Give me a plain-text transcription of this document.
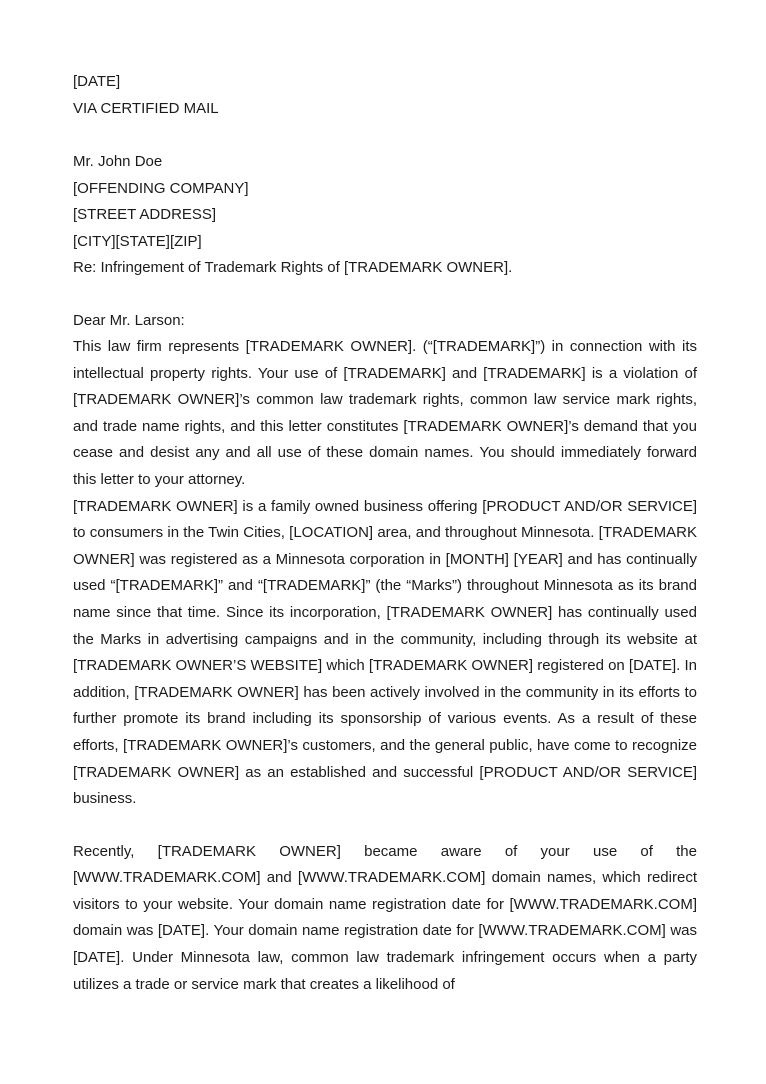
[DATE]
VIA CERTIFIED MAIL
Mr. John Doe
[OFFENDING COMPANY]
[STREET ADDRESS]
[CITY][STATE][ZIP]
Re: Infringement of Trademark Rights of [TRADEMARK OWNER].
Dear Mr. Larson:

This law firm represents [TRADEMARK OWNER]. (“[TRADEMARK]”) in connection with its intellectual property rights. Your use of [TRADEMARK] and [TRADEMARK] is a violation of [TRADEMARK OWNER]’s common law trademark rights, common law service mark rights, and trade name rights, and this letter constitutes [TRADEMARK OWNER]’s demand that you cease and desist any and all use of these domain names. You should immediately forward this letter to your attorney.

[TRADEMARK OWNER] is a family owned business offering [PRODUCT AND/OR SERVICE] to consumers in the Twin Cities, [LOCATION] area, and throughout Minnesota. [TRADEMARK OWNER] was registered as a Minnesota corporation in [MONTH] [YEAR] and has continually used “[TRADEMARK]” and “[TRADEMARK]” (the “Marks”) throughout Minnesota as its brand name since that time. Since its incorporation, [TRADEMARK OWNER] has continually used the Marks in advertising campaigns and in the community, including through its website at [TRADEMARK OWNER’S WEBSITE] which [TRADEMARK OWNER] registered on [DATE]. In addition, [TRADEMARK OWNER] has been actively involved in the community in its efforts to further promote its brand including its sponsorship of various events. As a result of these efforts, [TRADEMARK OWNER]’s customers, and the general public, have come to recognize [TRADEMARK OWNER] as an established and successful [PRODUCT AND/OR SERVICE] business.

Recently, [TRADEMARK OWNER] became aware of your use of the [WWW.TRADEMARK.COM] and [WWW.TRADEMARK.COM] domain names, which redirect visitors to your website. Your domain name registration date for [WWW.TRADEMARK.COM] domain was [DATE]. Your domain name registration date for [WWW.TRADEMARK.COM] was [DATE]. Under Minnesota law, common law trademark infringement occurs when a party utilizes a trade or service mark that creates a likelihood of
